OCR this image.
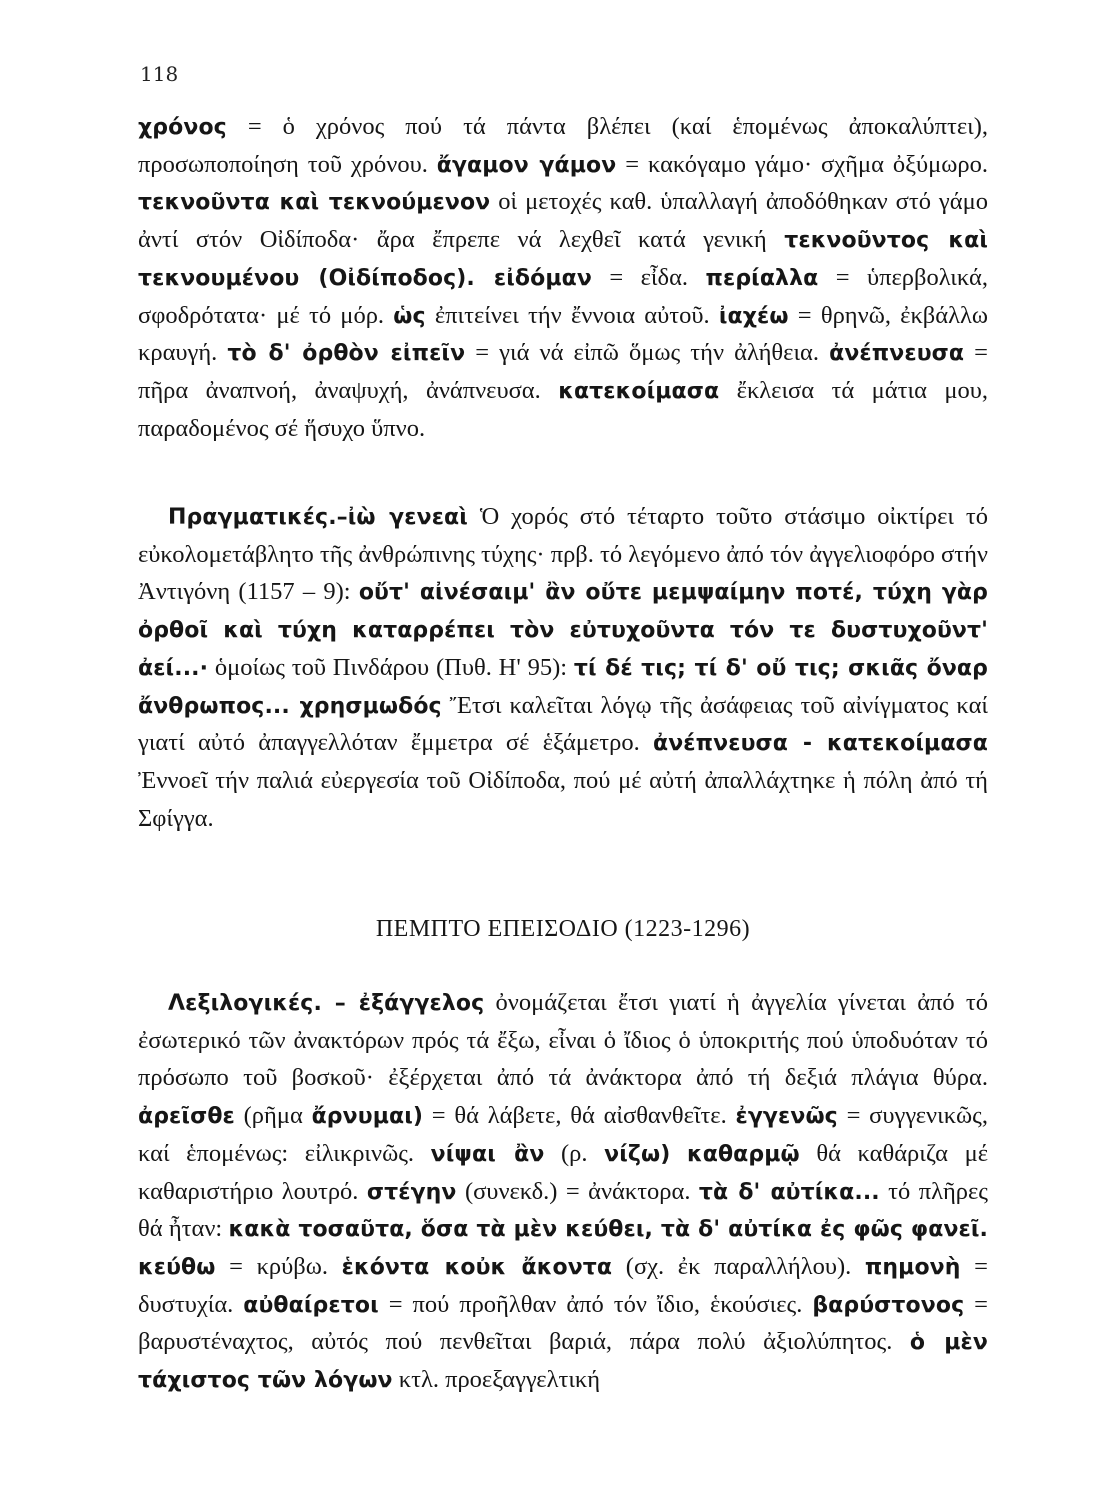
118

χρόνος = ὁ χρόνος πού τά πάντα βλέπει (καί ἑπομένως ἀποκαλύπτει), προσωποποίηση τοῦ χρόνου. ἄγαμον γάμον = κακόγαμο γάμο· σχῆμα ὀξύμωρο. τεκνοῦντα καὶ τεκνούμενον οἱ μετοχές καθ. ὑπαλλαγή ἀποδόθηκαν στό γάμο ἀντί στόν Οἰδίποδα· ἄρα ἔπρεπε νά λεχθεῖ κατά γενική τεκνοῦντος καὶ τεκνουμένου (Οἰδίποδος). εἰδόμαν = εἶδα. περίαλλα = ὑπερβολικά, σφοδρότατα· μέ τό μόρ. ὡς ἐπιτείνει τήν ἔννοια αὐτοῦ. ἰαχέω = θρηνῶ, ἐκβάλλω κραυγή. τὸ δ' ὀρθὸν εἰπεῖν = γιά νά εἰπῶ ὅμως τήν ἀλήθεια. ἀνέπνευσα = πῆρα ἀναπνοή, ἀναψυχή, ἀνάπνευσα. κατεκοίμασα ἔκλεισα τά μάτια μου, παραδομένος σέ ἥσυχο ὕπνο.

Πραγματικές.–ἰὼ γενεαὶ Ὁ χορός στό τέταρτο τοῦτο στάσιμο οἰκτίρει τό εὐκολομετάβλητο τῆς ἀνθρώπινης τύχης· πρβ. τό λεγόμενο ἀπό τόν ἀγγελιοφόρο στήν Ἀντιγόνη (1157 – 9): οὔτ' αἰνέσαιμ' ἂν οὔτε μεμψαίμην ποτέ, τύχη γὰρ ὀρθοῖ καὶ τύχη καταρρέπει τὸν εὐτυχοῦντα τόν τε δυστυχοῦντ' ἀεί...· ὁμοίως τοῦ Πινδάρου (Πυθ. Η' 95): τί δέ τις; τί δ' οὔ τις; σκιᾶς ὄναρ ἄνθρωπος... χρησμωδός Ἔτσι καλεῖται λόγῳ τῆς ἀσάφειας τοῦ αἰνίγματος καί γιατί αὐτό ἀπαγγελλόταν ἔμμετρα σέ ἑξάμετρο. ἀνέπνευσα - κατεκοίμασα Ἐννοεῖ τήν παλιά εὐεργεσία τοῦ Οἰδίποδα, πού μέ αὐτή ἀπαλλάχτηκε ἡ πόλη ἀπό τή Σφίγγα.

ΠΕΜΠΤΟ ΕΠΕΙΣΟΔΙΟ (1223-1296)

Λεξιλογικές. – ἐξάγγελος ὀνομάζεται ἔτσι γιατί ἡ ἀγγελία γίνεται ἀπό τό ἐσωτερικό τῶν ἀνακτόρων πρός τά ἔξω, εἶναι ὁ ἴδιος ὁ ὑποκριτής πού ὑποδυόταν τό πρόσωπο τοῦ βοσκοῦ· ἐξέρχεται ἀπό τά ἀνάκτορα ἀπό τή δεξιά πλάγια θύρα. ἀρεῖσθε (ρῆμα ἄρνυμαι) = θά λάβετε, θά αἰσθανθεῖτε. ἐγγενῶς = συγγενικῶς, καί ἑπομένως: εἰλικρινῶς. νίψαι ἂν (ρ. νίζω) καθαρμῷ θά καθάριζα μέ καθαριστήριο λουτρό. στέγην (συνεκδ.) = ἀνάκτορα. τὰ δ' αὐτίκα... τό πλῆρες θά ἦταν: κακὰ τοσαῦτα, ὅσα τὰ μὲν κεύθει, τὰ δ' αὐτίκα ἐς φῶς φανεῖ. κεύθω = κρύβω. ἑκόντα κοὐκ ἄκοντα (σχ. ἐκ παραλλήλου). πημονὴ = δυστυχία. αὐθαίρετοι = πού προῆλθαν ἀπό τόν ἴδιο, ἑκούσιες. βαρύστονος = βαρυστέναχτος, αὐτός πού πενθεῖται βαριά, πάρα πολύ ἀξιολύπητος. ὁ μὲν τάχιστος τῶν λόγων κτλ. προεξαγγελτική
